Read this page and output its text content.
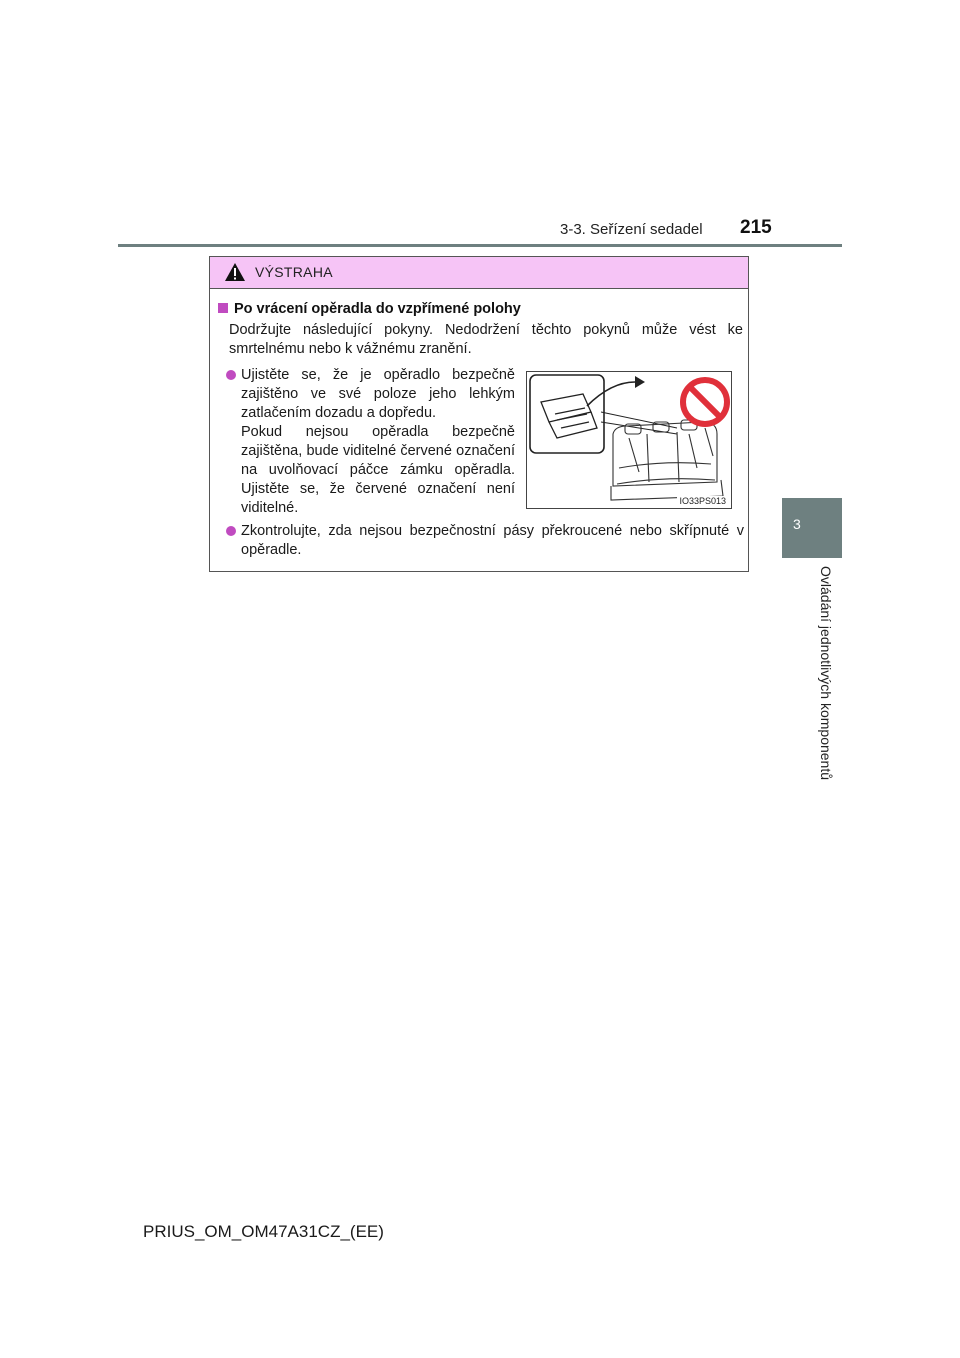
3-3. Seřízení sedadel 215
3
Ovládání jednotlivých komponentů
VÝSTRAHA
Po vrácení opěradla do vzpřímené polohy
Dodržujte následující pokyny. Nedodržení těchto pokynů může vést ke smrtelnému nebo k vážnému zranění.
Ujistěte se, že je opěradlo bezpečně zajištěno ve své poloze jeho lehkým zatlačením dozadu a dopředu.
Pokud nejsou opěradla bezpečně zajištěna, bude viditelné červené označení na uvolňovací páčce zámku opěradla. Ujistěte se, že červené označení není viditelné.	IO33PS013
Zkontrolujte, zda nejsou bezpečnostní pásy překroucené nebo skřípnuté v opěradle.
PRIUS_OM_OM47A31CZ_(EE)
